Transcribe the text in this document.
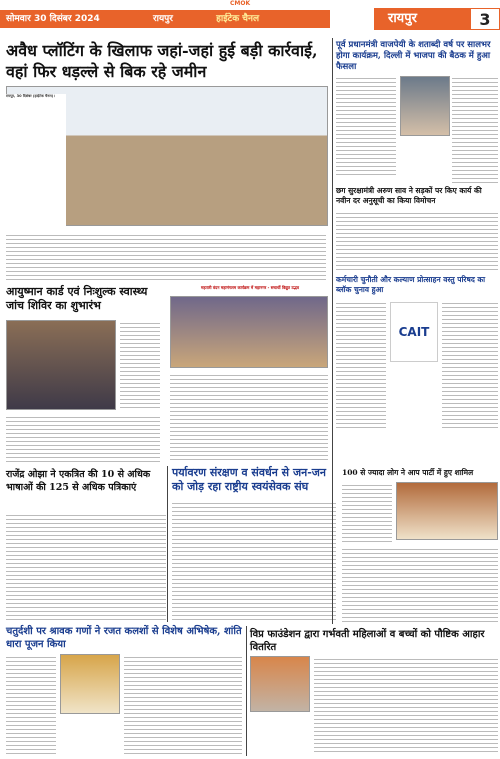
CMOK
सोमवार 30 दिसंबर 2024	रायपुर	हाईटेक चैनल	रायपुर	3
अवैध प्लॉटिंग के खिलाफ जहां-जहां हुई बड़ी कार्रवाई, वहां फिर धड़ल्ले से बिक रहे जमीन
रायपुर, 30 दिसंबर (हाईटेक चैनल)।
पूर्व प्रधानमंत्री वाजपेयी के शताब्दी वर्ष पर सालभर होगा कार्यक्रम, दिल्ली में भाजपा की बैठक में हुआ फैसला
छग सुरक्षामंत्री अरुण साव ने सड़कों पर किए कार्य की नवीन दर अनुसूची का किया विमोचन
आयुष्मान कार्ड एवं निःशुल्क स्वास्थ्य जांच शिविर का शुभारंभ
महतारी वंदन महामंगलम कार्यक्रम में महानगर - सचार्थी विद्युत उद्भव
कर्मचारी चुनौती और कल्याण प्रोत्साहन वस्तु परिषद का ब्लॉक चुनाव हुआ
CAIT
राजेंद्र ओझा ने एकत्रित की 10 से अधिक भाषाओं की 125 से अधिक पत्रिकाएं
पर्यावरण संरक्षण व संवर्धन से जन-जन को जोड़ रहा राष्ट्रीय स्वयंसेवक संघ
100 से ज्यादा लोग ने आप पार्टी में हुए शामिल
चतुर्दशी पर श्रावक गणों ने रजत कलशों से विशेष अभिषेक, शांति धारा पूजन किया
विप्र फाउंडेशन द्वारा गर्भवती महिलाओं व बच्चों को पौष्टिक आहार वितरित
